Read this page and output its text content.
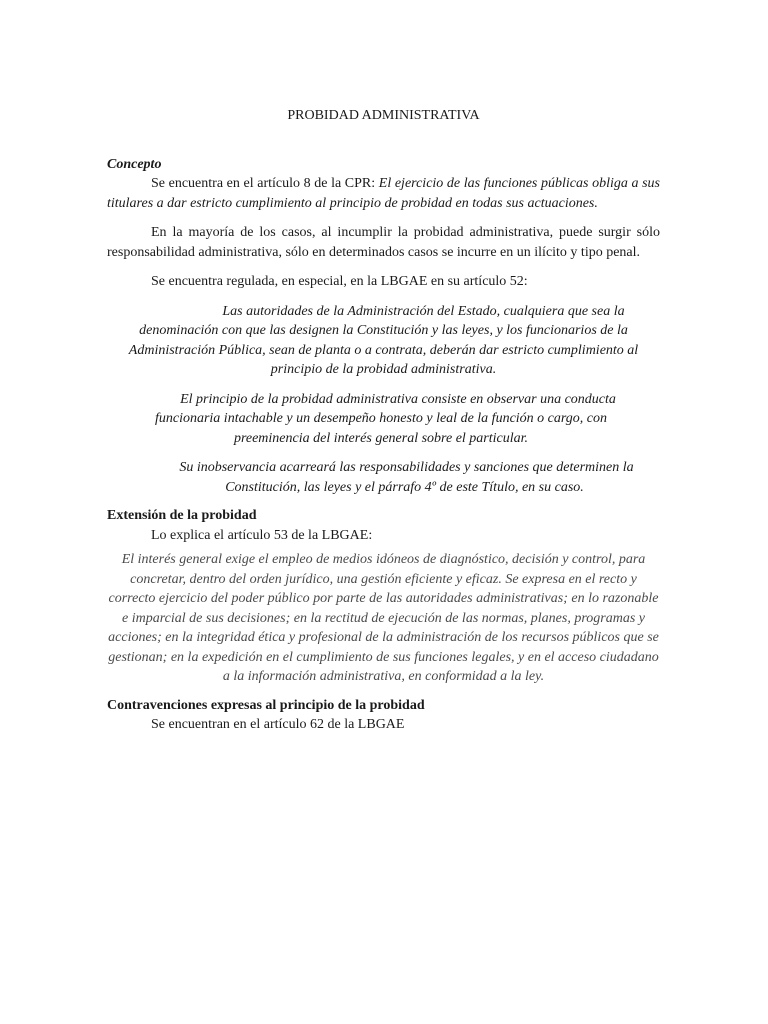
PROBIDAD ADMINISTRATIVA

Concepto

Se encuentra en el artículo 8 de la CPR: El ejercicio de las funciones públicas obliga a sus titulares a dar estricto cumplimiento al principio de probidad en todas sus actuaciones.

En la mayoría de los casos, al incumplir la probidad administrativa, puede surgir sólo responsabilidad administrativa, sólo en determinados casos se incurre en un ilícito y tipo penal.

Se encuentra regulada, en especial, en la LBGAE en su artículo 52:

Las autoridades de la Administración del Estado, cualquiera que sea la denominación con que las designen la Constitución y las leyes, y los funcionarios de la Administración Pública, sean de planta o a contrata, deberán dar estricto cumplimiento al principio de la probidad administrativa.

El principio de la probidad administrativa consiste en observar una conducta funcionaria intachable y un desempeño honesto y leal de la función o cargo, con preeminencia del interés general sobre el particular.

Su inobservancia acarreará las responsabilidades y sanciones que determinen la Constitución, las leyes y el párrafo 4º de este Título, en su caso.

Extensión de la probidad

Lo explica el artículo 53 de la LBGAE:

El interés general exige el empleo de medios idóneos de diagnóstico, decisión y control, para concretar, dentro del orden jurídico, una gestión eficiente y eficaz. Se expresa en el recto y correcto ejercicio del poder público por parte de las autoridades administrativas; en lo razonable e imparcial de sus decisiones; en la rectitud de ejecución de las normas, planes, programas y acciones; en la integridad ética y profesional de la administración de los recursos públicos que se gestionan; en la expedición en el cumplimiento de sus funciones legales, y en el acceso ciudadano a la información administrativa, en conformidad a la ley.

Contravenciones expresas al principio de la probidad

Se encuentran en el artículo 62 de la LBGAE
